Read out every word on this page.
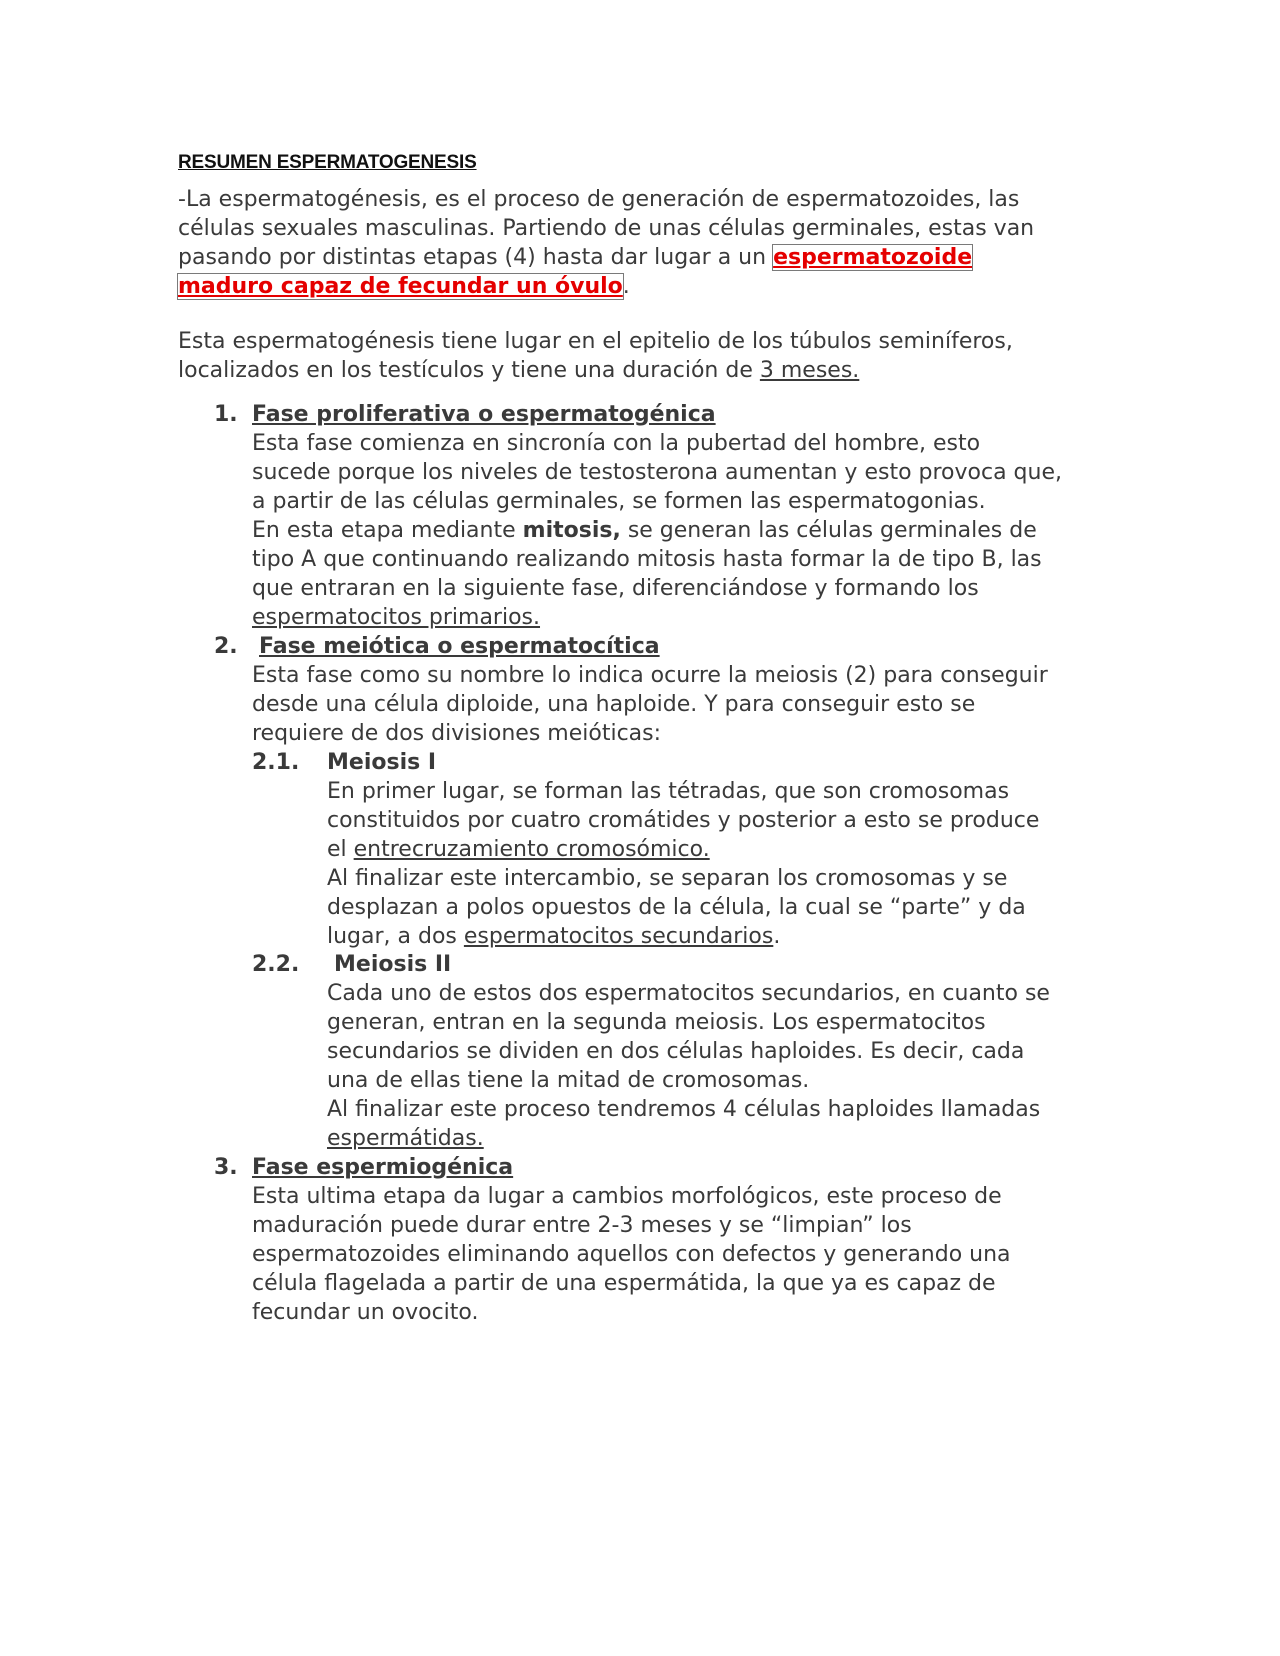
RESUMEN ESPERMATOGENESIS
-La espermatogénesis, es el proceso de generación de espermatozoides, las
células sexuales masculinas. Partiendo de unas células germinales, estas van
pasando por distintas etapas (4) hasta dar lugar a un espermatozoide
maduro capaz de fecundar un óvulo.
Esta espermatogénesis tiene lugar en el epitelio de los túbulos seminíferos,
localizados en los testículos y tiene una duración de 3 meses.
1. Fase proliferativa o espermatogénica
Esta fase comienza en sincronía con la pubertad del hombre, esto
sucede porque los niveles de testosterona aumentan y esto provoca que,
a partir de las células germinales, se formen las espermatogonias.
En esta etapa mediante mitosis, se generan las células germinales de
tipo A que continuando realizando mitosis hasta formar la de tipo B, las
que entraran en la siguiente fase, diferenciándose y formando los
espermatocitos primarios.
2. Fase meiótica o espermatocítica
Esta fase como su nombre lo indica ocurre la meiosis (2) para conseguir
desde una célula diploide, una haploide. Y para conseguir esto se
requiere de dos divisiones meióticas:
2.1. Meiosis I
En primer lugar, se forman las tétradas, que son cromosomas
constituidos por cuatro cromátides y posterior a esto se produce
el entrecruzamiento cromosómico.
Al finalizar este intercambio, se separan los cromosomas y se
desplazan a polos opuestos de la célula, la cual se “parte” y da
lugar, a dos espermatocitos secundarios.
2.2. Meiosis II
Cada uno de estos dos espermatocitos secundarios, en cuanto se
generan, entran en la segunda meiosis. Los espermatocitos
secundarios se dividen en dos células haploides. Es decir, cada
una de ellas tiene la mitad de cromosomas.
Al finalizar este proceso tendremos 4 células haploides llamadas
espermátidas.
3. Fase espermiogénica
Esta ultima etapa da lugar a cambios morfológicos, este proceso de
maduración puede durar entre 2-3 meses y se “limpian” los
espermatozoides eliminando aquellos con defectos y generando una
célula flagelada a partir de una espermátida, la que ya es capaz de
fecundar un ovocito.
